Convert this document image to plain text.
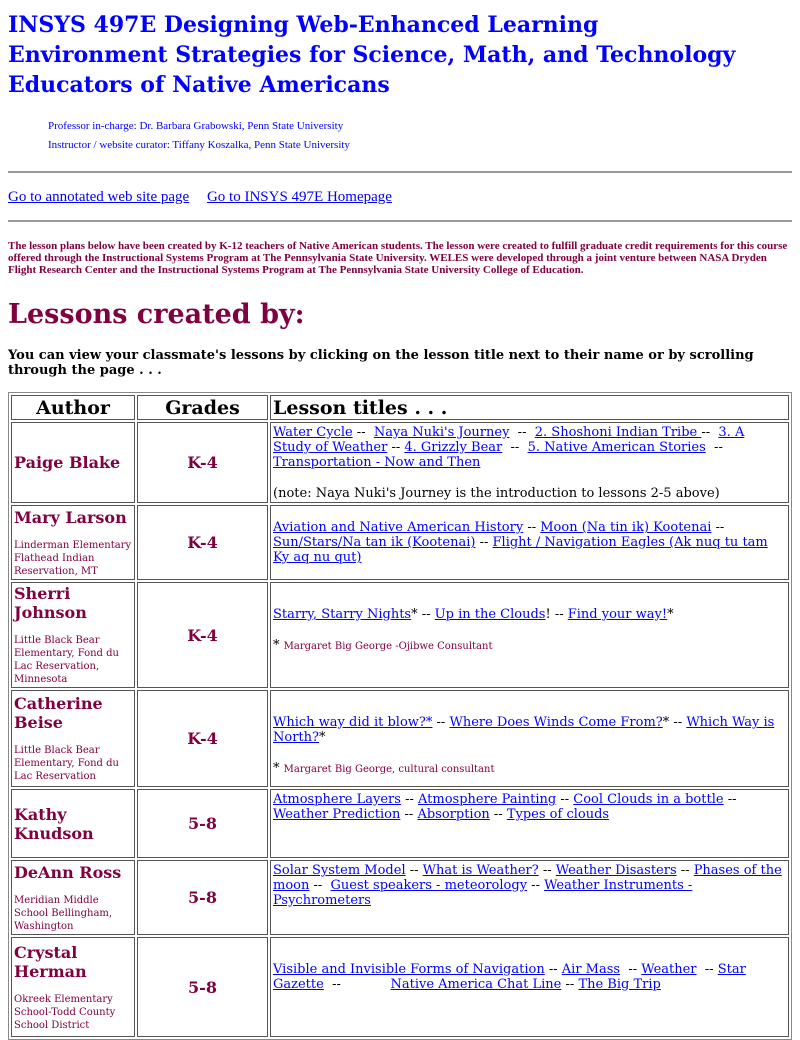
INSYS 497E Designing Web-Enhanced Learning
Environment Strategies for Science, Math, and Technology
Educators of Native Americans
Professor in-charge: Dr. Barbara Grabowski, Penn State University
Instructor / website curator: Tiffany Koszalka, Penn State University
Go to annotated web site page Go to INSYS 497E Homepage

The lesson plans below have been created by K-12 teachers of Native American students. The lesson were created to fulfill graduate credit requirements for this course offered through the Instructional Systems Program at The Pennsylvania State University. WELES were developed through a joint venture between NASA Dryden Flight Research Center and the Instructional Systems Program at The Pennsylvania State University College of Education.

Lessons created by:

You can view your classmate's lessons by clicking on the lesson title next to their name or by scrolling through the page . . .

Author	Grades	Lesson titles . . .

Paige Blake	K-4	Water Cycle --  Naya Nuki's Journey  --  2. Shoshoni Indian Tribe --  3. A Study of Weather -- 4. Grizzly Bear  --  5. Native American Stories  --  Transportation - Now and Then
(note: Naya Nuki's Journey is the introduction to lessons 2-5 above)

Mary Larson
Linderman Elementary Flathead Indian Reservation, MT	K-4	Aviation and Native American History -- Moon (Na tin ik) Kootenai -- Sun/Stars/Na tan ik (Kootenai) -- Flight / Navigation Eagles (Ak nuq tu tam Ky aq nu qut)

Sherri Johnson
Little Black Bear Elementary, Fond du Lac Reservation, Minnesota	K-4	Starry, Starry Nights* -- Up in the Clouds! -- Find your way!*
* Margaret Big George -Ojibwe Consultant

Catherine Beise
Little Black Bear Elementary, Fond du Lac Reservation	K-4	Which way did it blow?* -- Where Does Winds Come From?* -- Which Way is North?*
* Margaret Big George, cultural consultant

Kathy Knudson	5-8	Atmosphere Layers -- Atmosphere Painting -- Cool Clouds in a bottle -- Weather Prediction -- Absorption -- Types of clouds

DeAnn Ross
Meridian Middle School Bellingham, Washington	5-8	Solar System Model -- What is Weather? -- Weather Disasters -- Phases of the moon --  Guest speakers - meteorology -- Weather Instruments - Psychrometers

Crystal Herman
Okreek Elementary School-Todd County School District	5-8	Visible and Invisible Forms of Navigation -- Air Mass  -- Weather  -- Star Gazette  --            Native America Chat Line -- The Big Trip
